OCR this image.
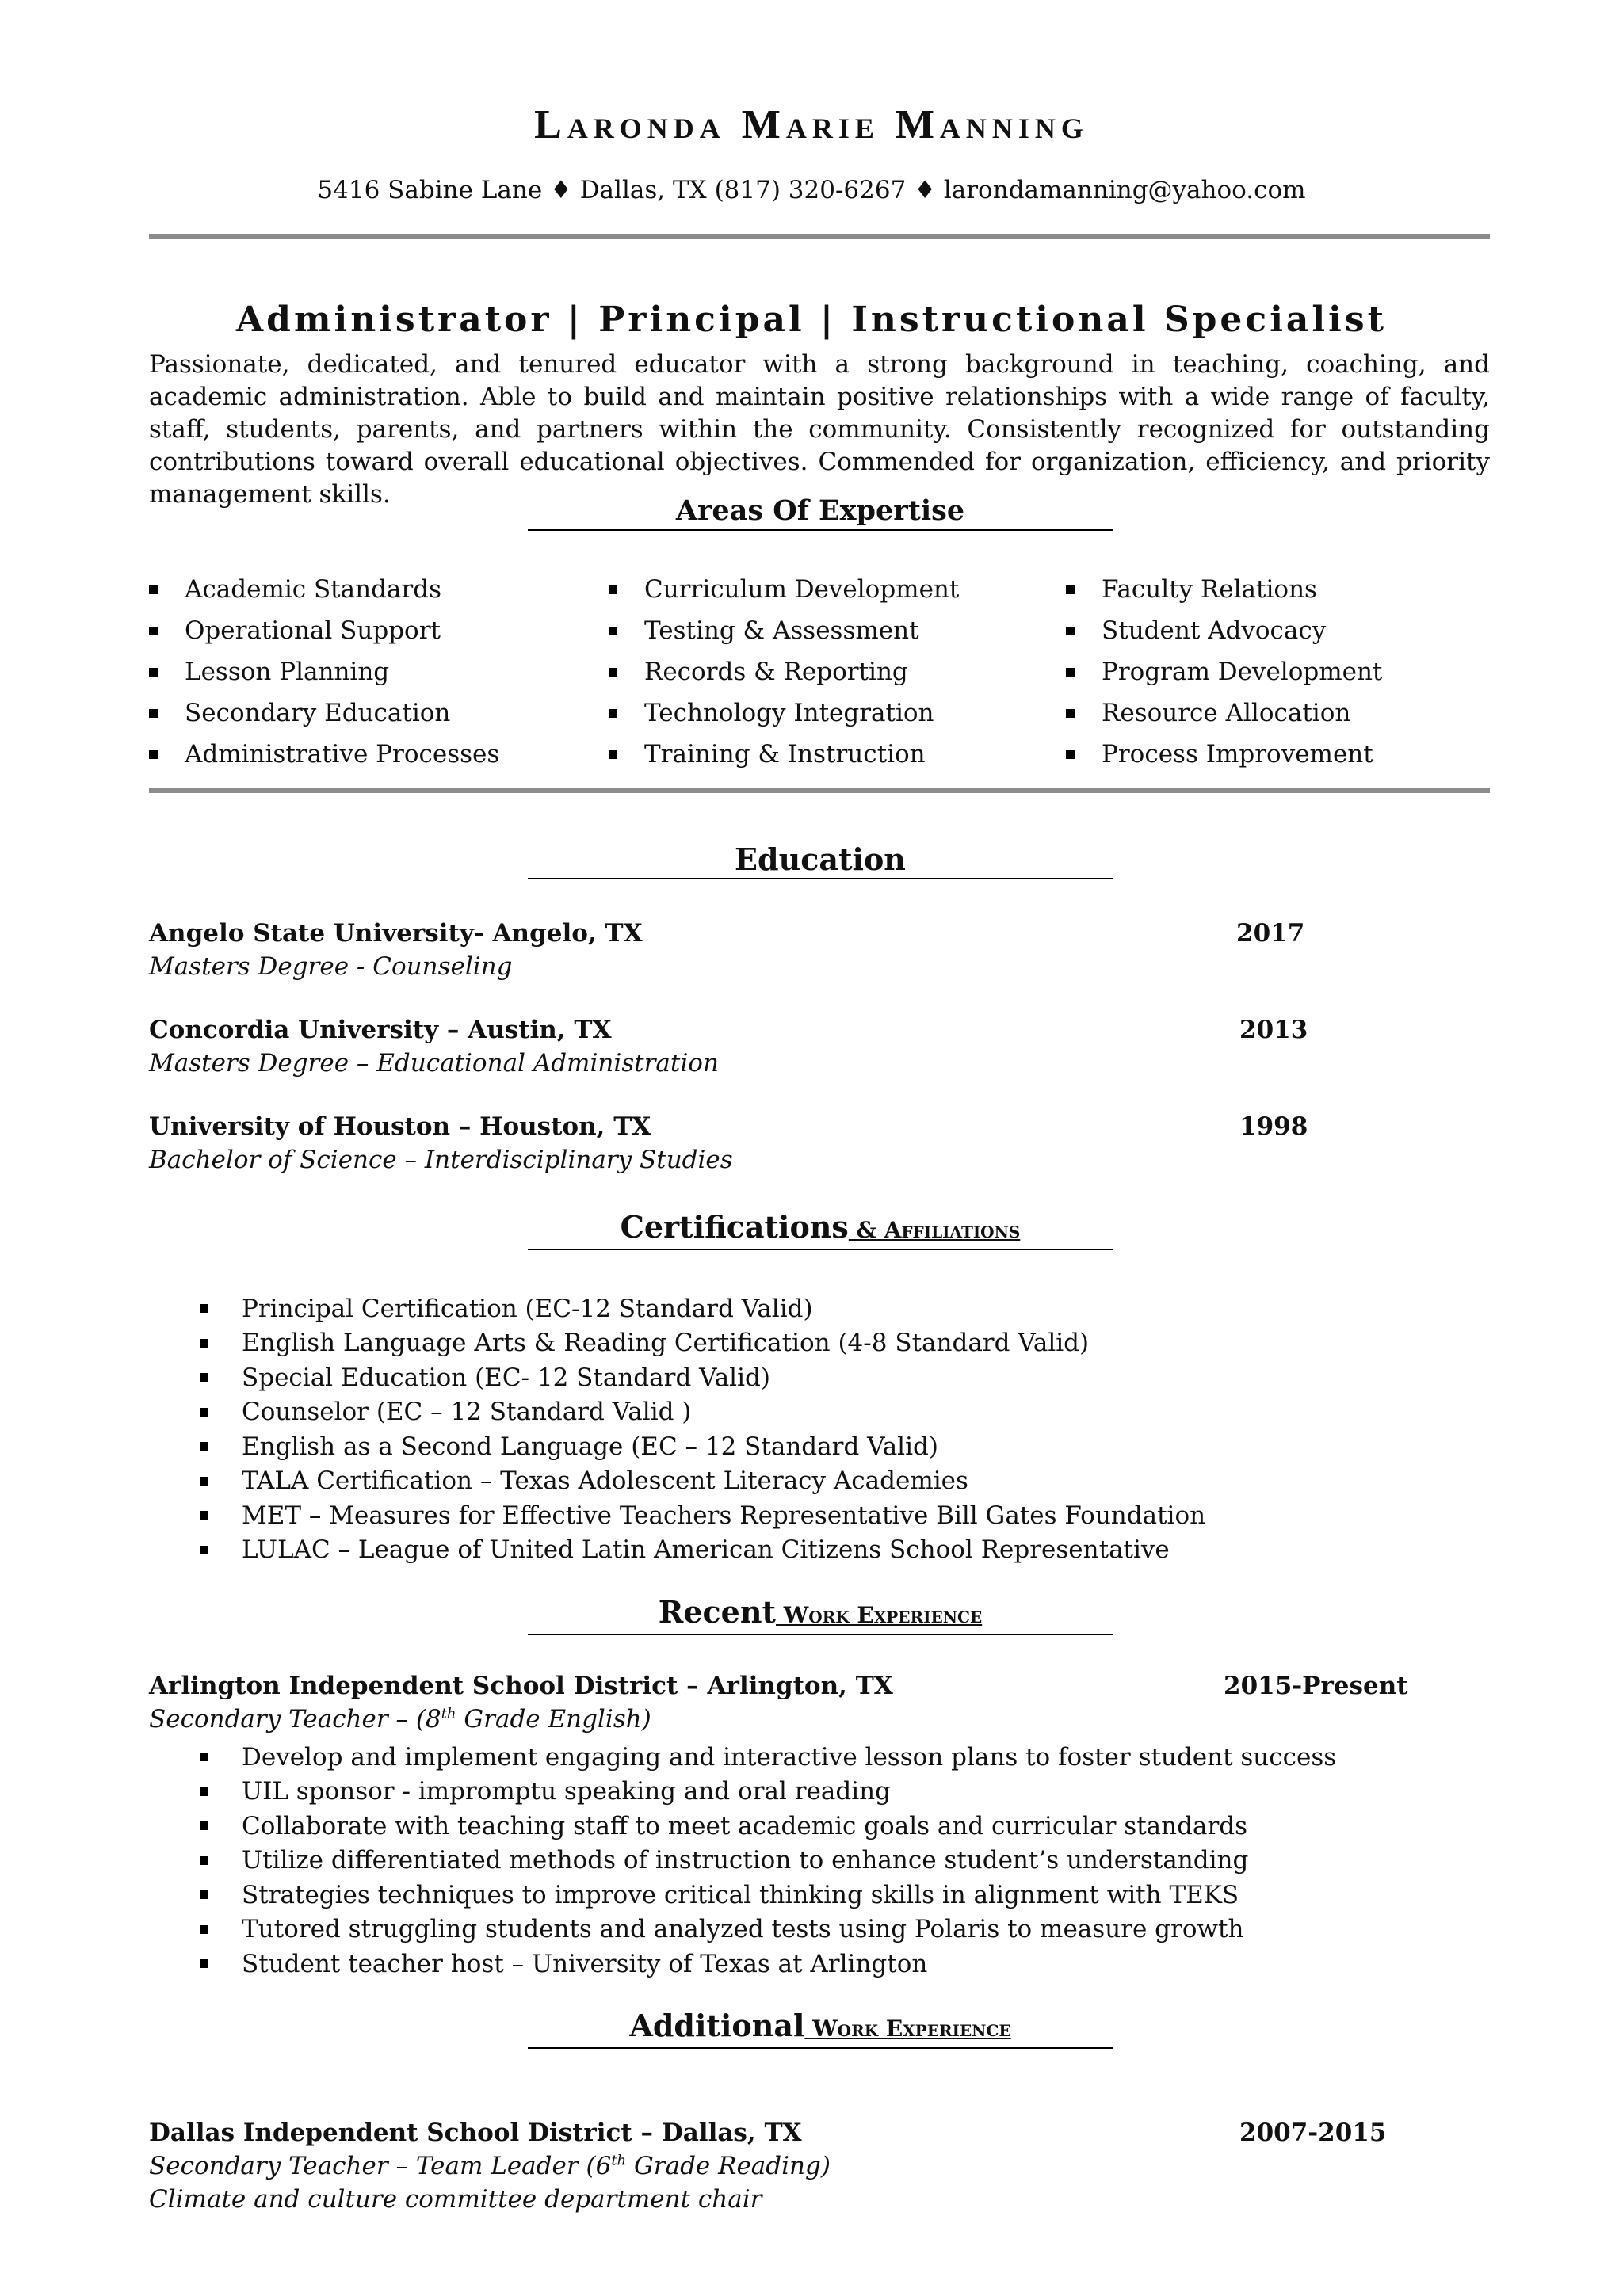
Laronda Marie Manning
5416 Sabine Lane ♦ Dallas, TX (817) 320-6267 ♦ larondamanning@yahoo.com
Administrator | Principal | Instructional Specialist
Passionate, dedicated, and tenured educator with a strong background in teaching, coaching, and academic administration. Able to build and maintain positive relationships with a wide range of faculty, staff, students, parents, and partners within the community. Consistently recognized for outstanding contributions toward overall educational objectives. Commended for organization, efficiency, and priority management skills.	Areas Of Expertise
Academic Standards
Operational Support
Lesson Planning
Secondary Education
Administrative Processes
Curriculum Development
Testing & Assessment
Records & Reporting
Technology Integration
Training & Instruction
Faculty Relations
Student Advocacy
Program Development
Resource Allocation
Process Improvement
Education
Angelo State University- Angelo, TX	2017
Masters Degree - Counseling
Concordia University – Austin, TX	2013
Masters Degree – Educational Administration
University of Houston – Houston, TX	1998
Bachelor of Science – Interdisciplinary Studies
Certifications & Affiliations
Principal Certification (EC-12 Standard Valid)
English Language Arts & Reading Certification (4-8 Standard Valid)
Special Education (EC- 12 Standard Valid)
Counselor (EC – 12 Standard Valid )
English as a Second Language (EC – 12 Standard Valid)
TALA Certification – Texas Adolescent Literacy Academies
MET – Measures for Effective Teachers Representative Bill Gates Foundation
LULAC – League of United Latin American Citizens School Representative
Recent Work Experience
Arlington Independent School District – Arlington, TX	2015-Present
Secondary Teacher – (8th Grade English)
Develop and implement engaging and interactive lesson plans to foster student success
UIL sponsor - impromptu speaking and oral reading
Collaborate with teaching staff to meet academic goals and curricular standards
Utilize differentiated methods of instruction to enhance student’s understanding
Strategies techniques to improve critical thinking skills in alignment with TEKS
Tutored struggling students and analyzed tests using Polaris to measure growth
Student teacher host – University of Texas at Arlington
Additional Work Experience
Dallas Independent School District – Dallas, TX	2007-2015
Secondary Teacher – Team Leader (6th Grade Reading)
Climate and culture committee department chair
